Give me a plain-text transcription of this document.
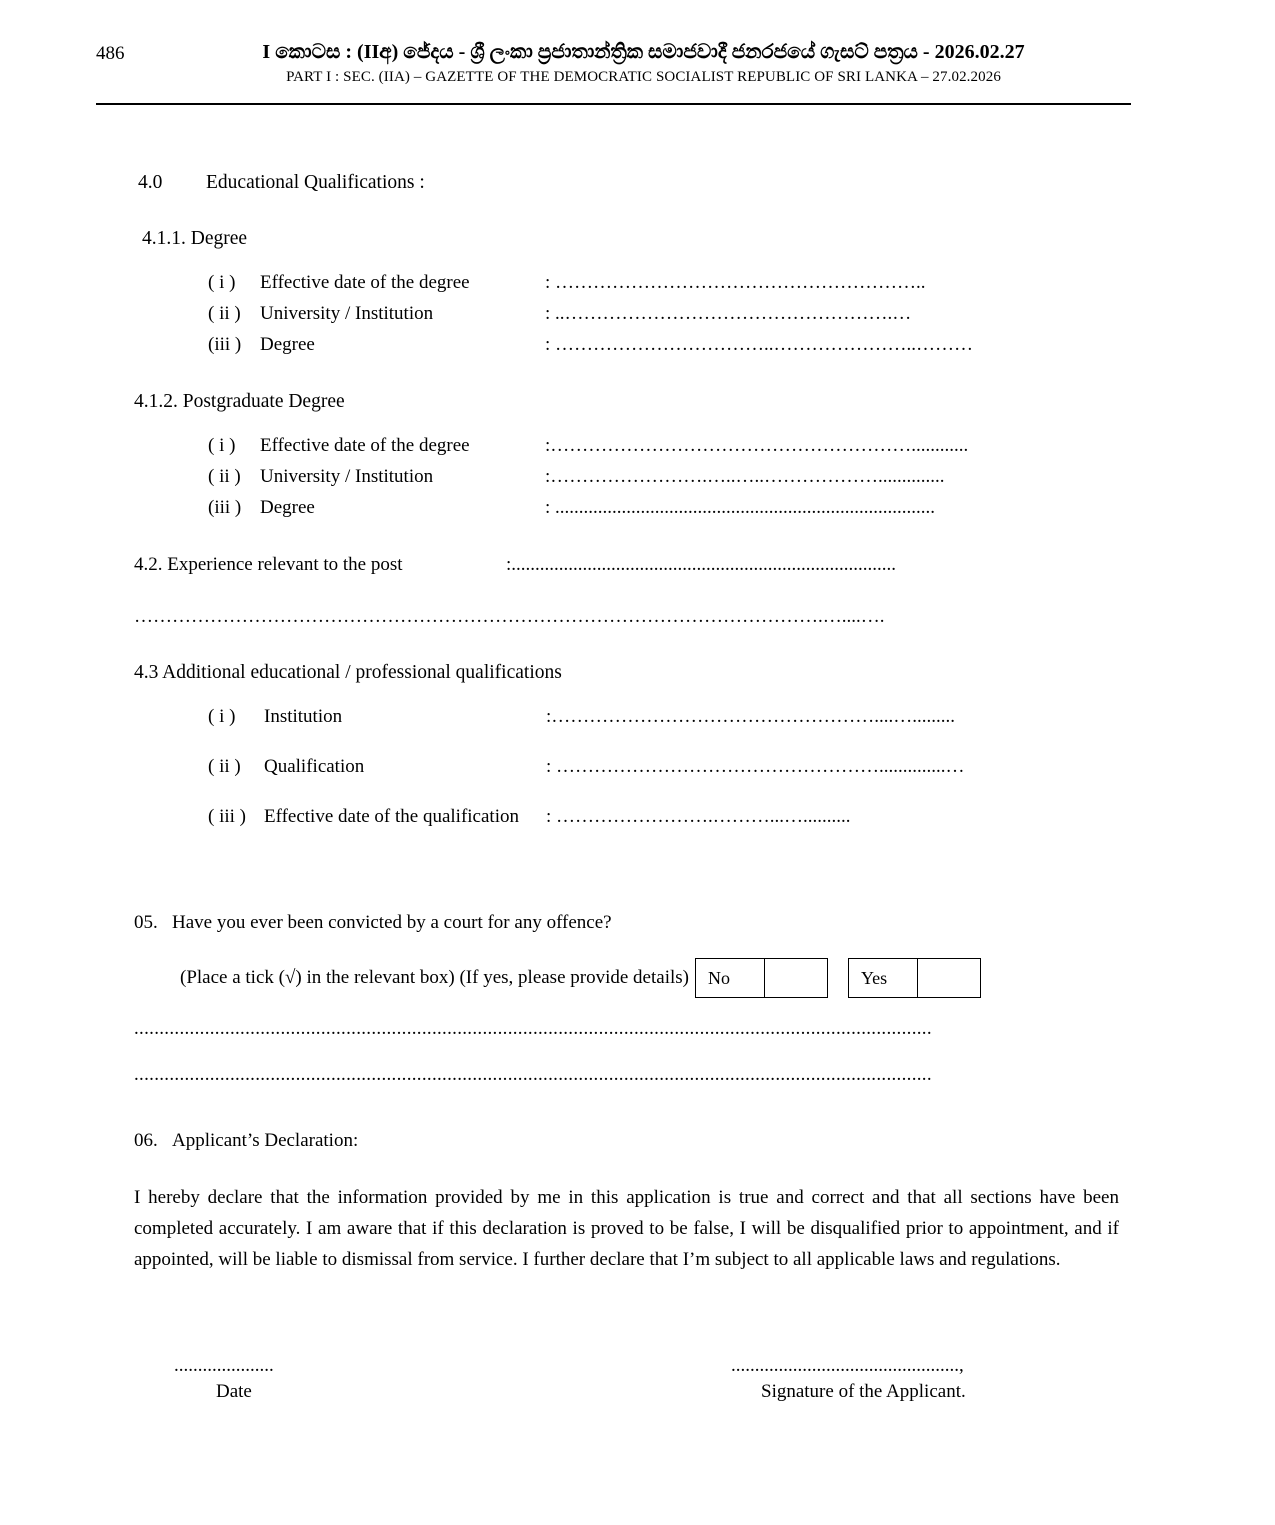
486	I කොටස : (IIඅ) ජේදය - ශ්‍රී ලංකා ප්‍රජාතාන්ත්‍රික සමාජවාදී ජනරජයේ ගැසට් පත්‍රය - 2026.02.27
PART I : SEC. (IIA) – GAZETTE OF THE DEMOCRATIC SOCIALIST REPUBLIC OF SRI LANKA – 27.02.2026
4.0 Educational Qualifications :
4.1.1. Degree
( i )	Effective date of the degree	: …………………………………………………..
( ii )	University / Institution	: ..…………………………………………….…
(iii ) Degree	: ……………………………..…………………..………
4.1.2. Postgraduate Degree
( i )	Effective date of the degree	:…………………………………………………............
( ii )	University / Institution	:…………………….…..…..………………..............
(iii ) Degree	: ................................................................................
4.2. Experience relevant to the post	:.................................................................................
……………………………………………………………………………………………….…....….
4.3 Additional educational / professional qualifications
( i )	Institution	:……………………………………………....….........
( ii )	Qualification	: ……………………………………………..............…
( iii ) Effective date of the qualification	: …………………….………...…..........
05. Have you ever been convicted by a court for any offence?
(Place a tick (√) in the relevant box) (If yes, please provide details)	No	Yes
..............................................................................................................................................................
..............................................................................................................................................................
06. Applicant’s Declaration:
I hereby declare that the information provided by me in this application is true and correct and that all sections have been completed accurately. I am aware that if this declaration is proved to be false, I will be disqualified prior to appointment, and if appointed, will be liable to dismissal from service. I further declare that I’m subject to all applicable laws and regulations.
.....................	................................................,
Date	Signature of the Applicant.
